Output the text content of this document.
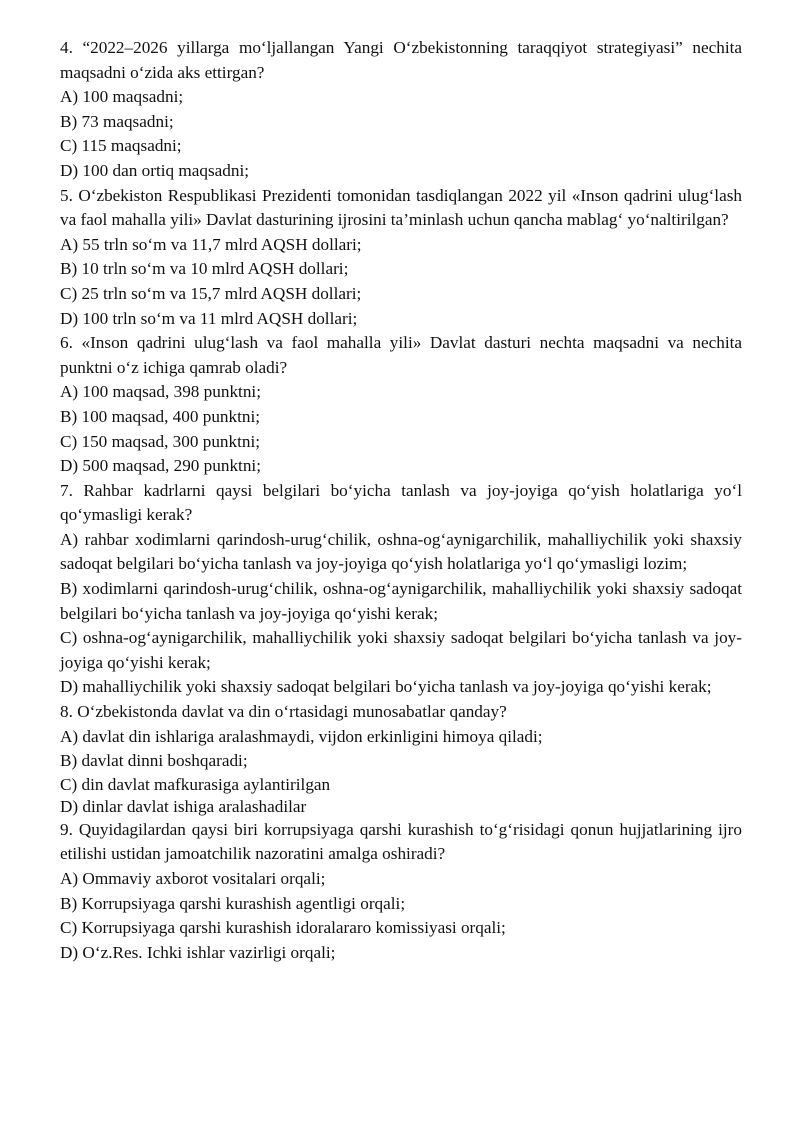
4. “2022–2026 yillarga mo‘ljallangan Yangi O‘zbekistonning taraqqiyot strategiyasi” nechita maqsadni o‘zida aks ettirgan?

A) 100 maqsadni;

B) 73 maqsadni;

C) 115 maqsadni;

D) 100 dan ortiq maqsadni;

5. O‘zbekiston Respublikasi Prezidenti tomonidan tasdiqlangan 2022 yil «Inson qadrini ulug‘lash va faol mahalla yili» Davlat dasturining ijrosini ta’minlash uchun qancha mablag‘ yo‘naltirilgan?

A) 55 trln so‘m va 11,7 mlrd AQSH dollari;

B) 10 trln so‘m va 10 mlrd AQSH dollari;

C) 25 trln so‘m va 15,7 mlrd AQSH dollari;

D) 100 trln so‘m va 11 mlrd AQSH dollari;

6. «Inson qadrini ulug‘lash va faol mahalla yili» Davlat dasturi nechta maqsadni va nechita punktni o‘z ichiga qamrab oladi?

A) 100 maqsad, 398 punktni;

B) 100 maqsad, 400 punktni;

C) 150 maqsad, 300 punktni;

D) 500 maqsad, 290 punktni;

7. Rahbar kadrlarni qaysi belgilari bo‘yicha tanlash va joy-joyiga qo‘yish holatlariga yo‘l qo‘ymasligi kerak?

A) rahbar xodimlarni qarindosh-urug‘chilik, oshna-og‘aynigarchilik, mahalliychilik yoki shaxsiy sadoqat belgilari bo‘yicha tanlash va joy-joyiga qo‘yish holatlariga yo‘l qo‘ymasligi lozim;

B) xodimlarni qarindosh-urug‘chilik, oshna-og‘aynigarchilik, mahalliychilik yoki shaxsiy sadoqat belgilari bo‘yicha tanlash va joy-joyiga qo‘yishi kerak;

C) oshna-og‘aynigarchilik, mahalliychilik yoki shaxsiy sadoqat belgilari bo‘yicha tanlash va joy-joyiga qo‘yishi kerak;

D) mahalliychilik yoki shaxsiy sadoqat belgilari bo‘yicha tanlash va joy-joyiga qo‘yishi kerak;

8. O‘zbekistonda davlat va din o‘rtasidagi munosabatlar qanday?

A) davlat din ishlariga aralashmaydi, vijdon erkinligini himoya qiladi;

B) davlat dinni boshqaradi;

C) din davlat mafkurasiga aylantirilgan

D) dinlar davlat ishiga aralashadilar

9. Quyidagilardan qaysi biri korrupsiyaga qarshi kurashish to‘g‘risidagi qonun hujjatlarining ijro etilishi ustidan jamoatchilik nazoratini amalga oshiradi?

A) Ommaviy axborot vositalari orqali;

B) Korrupsiyaga qarshi kurashish agentligi orqali;

C) Korrupsiyaga qarshi kurashish idoralararo komissiyasi orqali;

D) O‘z.Res. Ichki ishlar vazirligi orqali;
